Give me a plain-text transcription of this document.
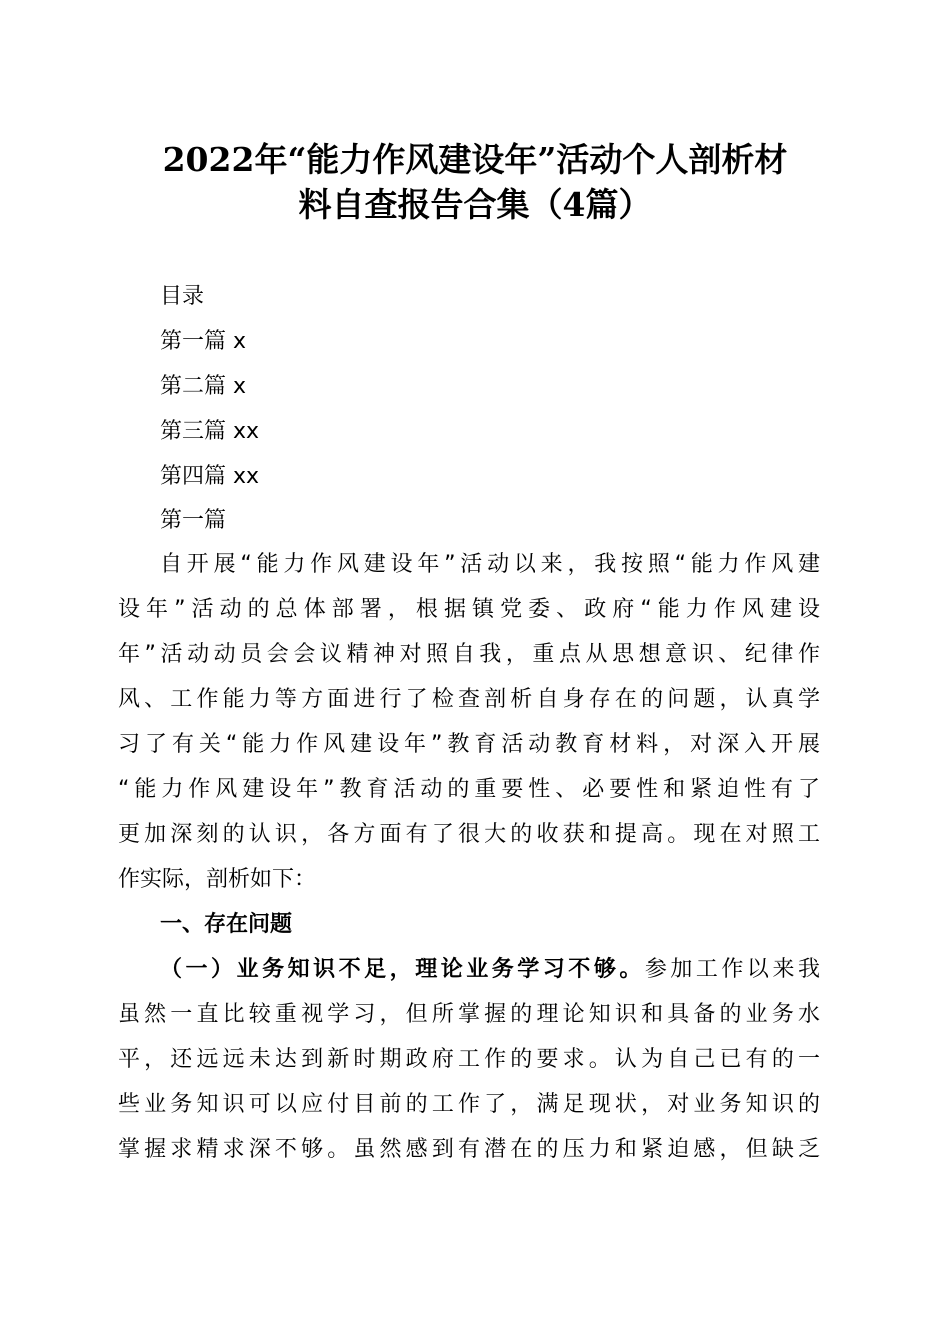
2022年“能力作风建设年”活动个人剖析材
料自查报告合集（4篇）
目录
第一篇 x
第二篇 x
第三篇 xx
第四篇 xx
第一篇
自开展“能力作风建设年”活动以来，我按照“能力作风建
设年”活动的总体部署，根据镇党委、政府“能力作风建设
年”活动动员会会议精神对照自我，重点从思想意识、纪律作
风、工作能力等方面进行了检查剖析自身存在的问题，认真学
习了有关“能力作风建设年”教育活动教育材料，对深入开展
“能力作风建设年”教育活动的重要性、必要性和紧迫性有了
更加深刻的认识，各方面有了很大的收获和提高。现在对照工
作实际，剖析如下：
一、存在问题
（一）业务知识不足，理论业务学习不够。参加工作以来我
虽然一直比较重视学习，但所掌握的理论知识和具备的业务水
平，还远远未达到新时期政府工作的要求。认为自己已有的一
些业务知识可以应付目前的工作了，满足现状，对业务知识的
掌握求精求深不够。虽然感到有潜在的压力和紧迫感，但缺乏
